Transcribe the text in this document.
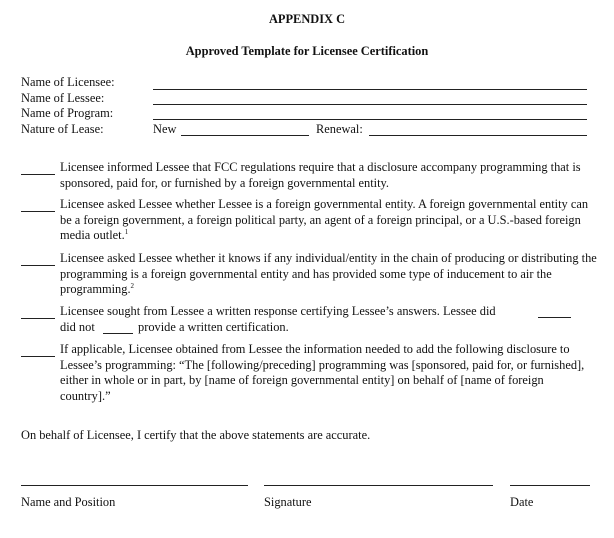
APPENDIX C
Approved Template for Licensee Certification
Name of Licensee:
Name of Lessee:
Name of Program:
Nature of Lease:	New	Renewal:
Licensee informed Lessee that FCC regulations require that a disclosure accompany programming that is sponsored, paid for, or furnished by a foreign governmental entity.
Licensee asked Lessee whether Lessee is a foreign governmental entity. A foreign governmental entity can be a foreign government, a foreign political party, an agent of a foreign principal, or a U.S.-based foreign media outlet.$^1$
Licensee asked Lessee whether it knows if any individual/entity in the chain of producing or distributing the programming is a foreign governmental entity and has provided some type of inducement to air the programming.$^2$
Licensee sought from Lessee a written response certifying Lessee’s answers. Lessee did
did not	provide a written certification.
If applicable, Licensee obtained from Lessee the information needed to add the following disclosure to Lessee’s programming: “The [following/preceding] programming was [sponsored, paid for, or furnished], either in whole or in part, by [name of foreign governmental entity] on behalf of [name of foreign country].”
On behalf of Licensee, I certify that the above statements are accurate.
Name and Position	Signature	Date
